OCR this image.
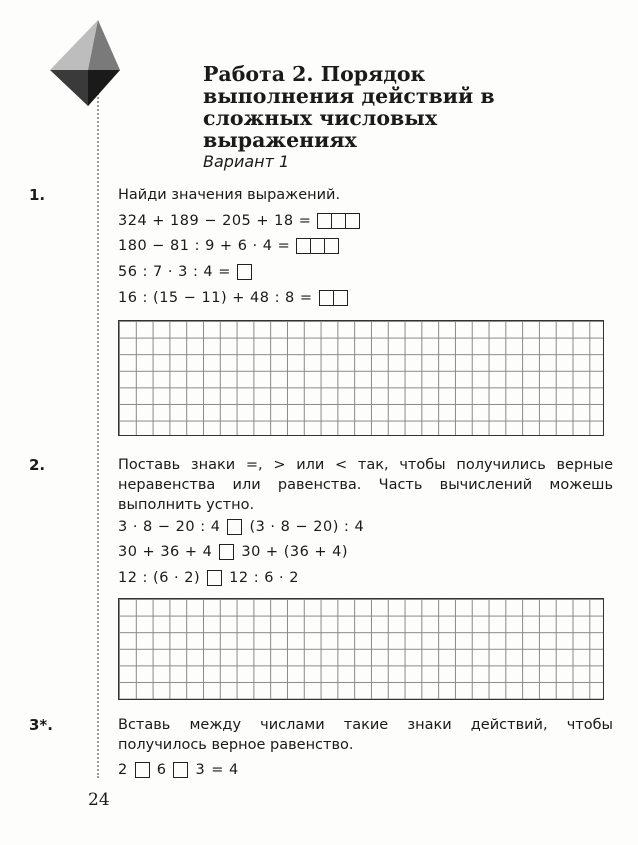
Работа 2. Порядок выполнения действий в сложных числовых выражениях
Вариант 1
1.	Найди значения выражений.
324 + 189 − 205 + 18 =
180 − 81 : 9 + 6 · 4 =
56 : 7 · 3 : 4 =
16 : (15 − 11) + 48 : 8 =
2.	Поставь знаки =, > или < так, чтобы получились верные неравенства или равенства. Часть вычислений можешь выполнить устно.
3 · 8 − 20 : 4 (3 · 8 − 20) : 4
30 + 36 + 4 30 + (36 + 4)
12 : (6 · 2) 12 : 6 · 2
3*.	Вставь между числами такие знаки действий, чтобы получилось верное равенство.
2 6 3 = 4
24
